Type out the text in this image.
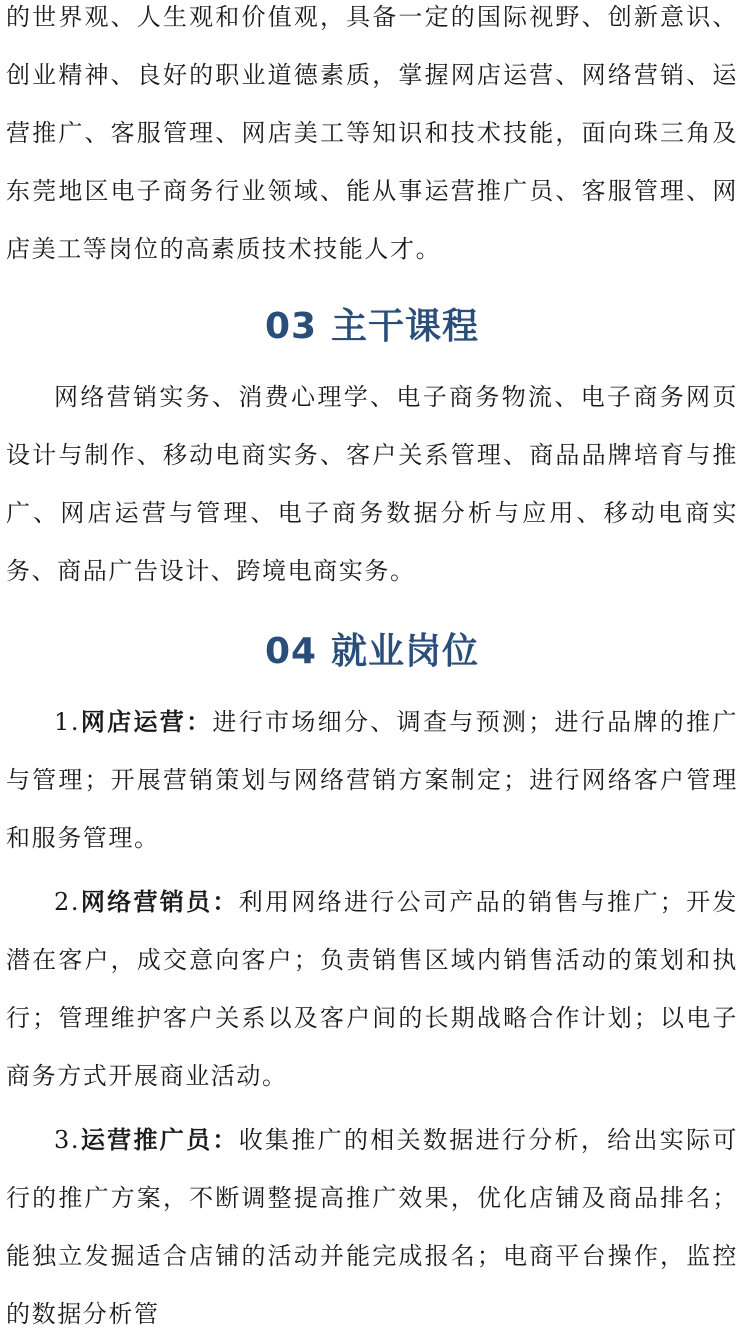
的世界观、人生观和价值观，具备一定的国际视野、创新意识、创业精神、良好的职业道德素质，掌握网店运营、网络营销、运营推广、客服管理、网店美工等知识和技术技能，面向珠三角及东莞地区电子商务行业领域、能从事运营推广员、客服管理、网店美工等岗位的高素质技术技能人才。

03 主干课程

网络营销实务、消费心理学、电子商务物流、电子商务网页设计与制作、移动电商实务、客户关系管理、商品品牌培育与推广、网店运营与管理、电子商务数据分析与应用、移动电商实务、商品广告设计、跨境电商实务。

04 就业岗位

1.网店运营：进行市场细分、调查与预测；进行品牌的推广与管理；开展营销策划与网络营销方案制定；进行网络客户管理和服务管理。

2.网络营销员：利用网络进行公司产品的销售与推广；开发潜在客户，成交意向客户；负责销售区域内销售活动的策划和执行；管理维护客户关系以及客户间的长期战略合作计划；以电子商务方式开展商业活动。

3.运营推广员：收集推广的相关数据进行分析，给出实际可行的推广方案，不断调整提高推广效果，优化店铺及商品排名；能独立发掘适合店铺的活动并能完成报名；电商平台操作，监控的数据分析管
